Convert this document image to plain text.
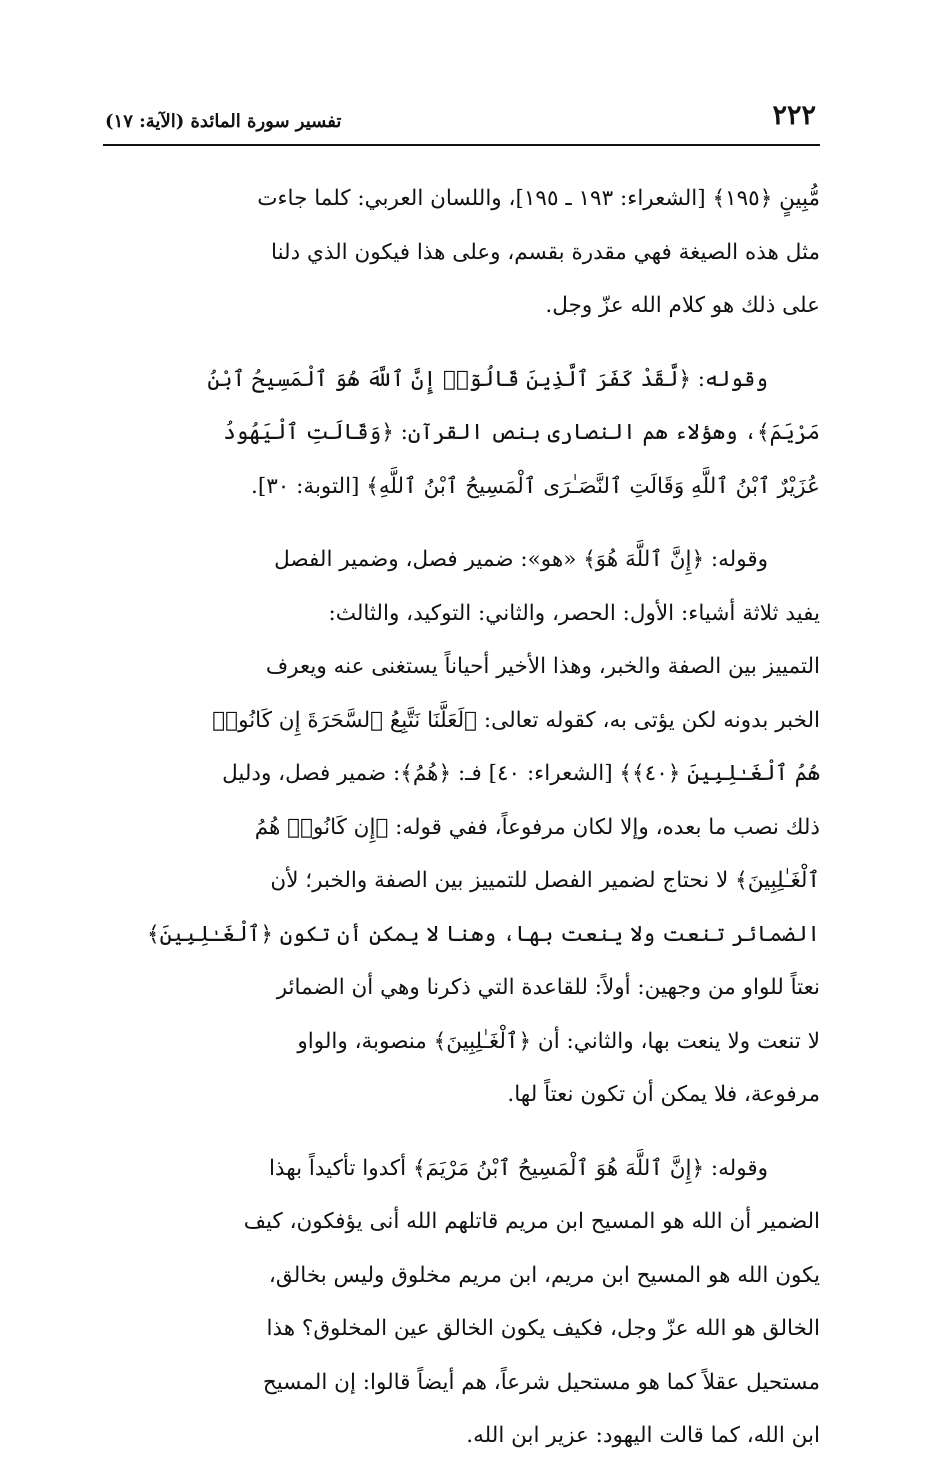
٢٢٢
تفسير سورة المائدة (الآية: ١٧)

مُّبِينٍ ﴿١٩٥﴾ [الشعراء: ١٩٣ ـ ١٩٥]، واللسان العربي: كلما جاءت
مثل هذه الصيغة فهي مقدرة بقسم، وعلى هذا فيكون الذي دلنا
على ذلك هو كلام الله عزّ وجل.

وقوله: ﴿لَّقَدْ كَفَرَ ٱلَّذِينَ قَالُوٓا۟ إِنَّ ٱللَّهَ هُوَ ٱلْمَسِيحُ ٱبْنُ
مَرْيَمَ﴾، وهؤلاء هم النصارى بنص القرآن: ﴿وَقَالَتِ ٱلْيَهُودُ
عُزَيْرٌ ٱبْنُ ٱللَّهِ وَقَالَتِ ٱلنَّصَـٰرَى ٱلْمَسِيحُ ٱبْنُ ٱللَّهِ﴾ [التوبة: ٣٠].

وقوله: ﴿إِنَّ ٱللَّهَ هُوَ﴾ «هو»: ضمير فصل، وضمير الفصل
يفيد ثلاثة أشياء: الأول: الحصر، والثاني: التوكيد، والثالث:
التمييز بين الصفة والخبر، وهذا الأخير أحياناً يستغنى عنه ويعرف
الخبر بدونه لكن يؤتى به، كقوله تعالى: ﴿لَعَلَّنَا نَتَّبِعُ ٱلسَّحَرَةَ إِن كَانُوا۟
هُمُ ٱلْغَـٰلِبِينَ ﴿٤٠﴾﴾ [الشعراء: ٤٠] فـ: ﴿هُمُ﴾: ضمير فصل، ودليل
ذلك نصب ما بعده، وإلا لكان مرفوعاً، ففي قوله: ﴿إِن كَانُوا۟ هُمُ
ٱلْغَـٰلِبِينَ﴾ لا نحتاج لضمير الفصل للتمييز بين الصفة والخبر؛ لأن
الضمائر تنعت ولا ينعت بها، وهنا لا يمكن أن تكون ﴿ٱلْغَـٰلِبِينَ﴾
نعتاً للواو من وجهين: أولاً: للقاعدة التي ذكرنا وهي أن الضمائر
لا تنعت ولا ينعت بها، والثاني: أن ﴿ٱلْغَـٰلِبِينَ﴾ منصوبة، والواو
مرفوعة، فلا يمكن أن تكون نعتاً لها.

وقوله: ﴿إِنَّ ٱللَّهَ هُوَ ٱلْمَسِيحُ ٱبْنُ مَرْيَمَ﴾ أكدوا تأكيداً بهذا
الضمير أن الله هو المسيح ابن مريم قاتلهم الله أنى يؤفكون، كيف
يكون الله هو المسيح ابن مريم، ابن مريم مخلوق وليس بخالق،
الخالق هو الله عزّ وجل، فكيف يكون الخالق عين المخلوق؟ هذا
مستحيل عقلاً كما هو مستحيل شرعاً، هم أيضاً قالوا: إن المسيح
ابن الله، كما قالت اليهود: عزير ابن الله.
